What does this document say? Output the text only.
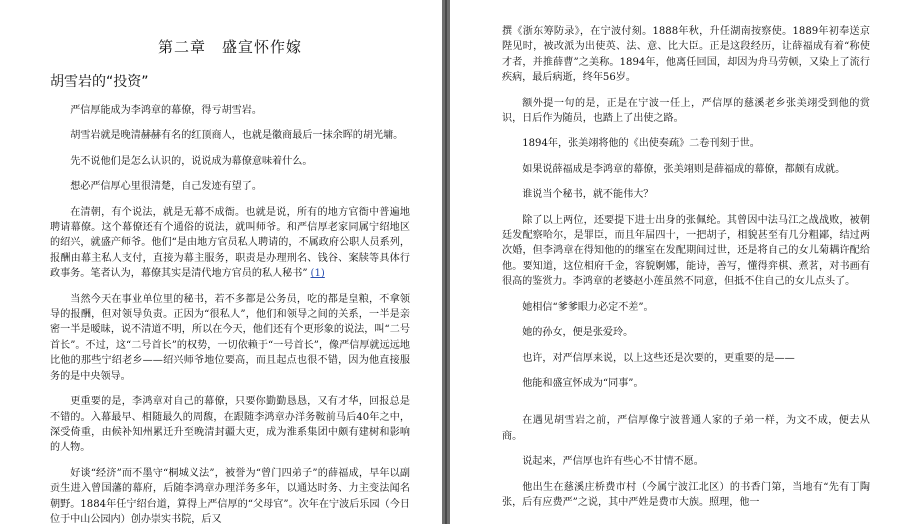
第二章　盛宣怀作嫁
胡雪岩的“投资”

严信厚能成为李鸿章的幕僚，得亏胡雪岩。

胡雪岩就是晚清赫赫有名的红顶商人，也就是徽商最后一抹余晖的胡光墉。

先不说他们是怎么认识的，说说成为幕僚意味着什么。

想必严信厚心里很清楚，自己发迹有望了。

在清朝，有个说法，就是无幕不成衙。也就是说，所有的地方官衙中普遍地聘请幕僚。这个幕僚还有个通俗的说法，就叫师爷。和严信厚老家同属宁绍地区的绍兴，就盛产师爷。他们“是由地方官员私人聘请的，不属政府公职人员系列，报酬由幕主私人支付，直接为幕主服务，职责是办理刑名、钱谷、案牍等具体行政事务。笔者认为，幕僚其实是清代地方官员的私人秘书” (1)

当然今天在事业单位里的秘书，若不多都是公务员，吃的都是皇粮，不拿领导的报酬，但对领导负责。正因为“很私人”，他们和领导之间的关系，一半是亲密一半是暧昧，说不清道不明，所以在今天，他们还有个更形象的说法，叫“二号首长”。不过，这“二号首长”的权势，一切依赖于“一号首长”，像严信厚就远远地比他的那些宁绍老乡——绍兴师爷地位要高，而且起点也很不错，因为他直接服务的是中央领导。

更重要的是，李鸿章对自己的幕僚，只要你勤勤恳恳，又有才华，回报总是不错的。入幕最早、相随最久的周馥，在跟随李鸿章办洋务鞍前马后40年之中，深受倚重，由候补知州累迁升至晚清封疆大吏，成为淮系集团中颇有建树和影响的人物。

好谈“经济”而不墨守“桐城义法”，被誉为“曾门四弟子”的薛福成，早年以副贡生进入曾国藩的幕府，后随李鸿章办理洋务多年，以通达时务、力主变法闻名朝野。1884年任宁绍台道，算得上严信厚的“父母官”。次年在宁波后乐园（今日位于中山公园内）创办崇实书院，后又

撰《浙东筹防录》，在宁波付刻。1888年秋，升任湖南按察使。1889年初奉送京陛见时，被改派为出使英、法、意、比大臣。正是这段经历，让薛福成有着“称使才者，并推薛曹”之美称。1894年，他离任回国，却因为舟马劳顿，又染上了流行疾病，最后病逝，终年56岁。

额外提一句的是，正是在宁波一任上，严信厚的慈溪老乡张美翊受到他的赏识，日后作为随员，也踏上了出使之路。

1894年，张美翊将他的《出使奏疏》二卷刊刻于世。

如果说薛福成是李鸿章的幕僚，张美翊则是薛福成的幕僚，都颇有成就。

谁说当个秘书，就不能伟大？

除了以上两位，还要提下进士出身的张佩纶。其曾因中法马江之战战败，被朝廷发配察哈尔，是罪臣，而且年届四十，一把胡子，相貌甚至有几分粗鄙，结过两次婚，但李鸿章在得知他的的继室在发配期间过世，还是将自己的女儿菊耦许配给他。要知道，这位相府千金，容貌婀娜，能诗，善写，懂得弈棋、煮茗，对书画有很高的鉴赏力。李鸿章的老婆赵小莲虽然不同意，但抵不住自己的女儿点头了。

她相信“爹爹眼力必定不差”。

她的孙女，便是张爱玲。

也许，对严信厚来说，以上这些还是次要的，更重要的是——

他能和盛宣怀成为“同事”。

在遇见胡雪岩之前，严信厚像宁波普通人家的子弟一样，为文不成，便去从商。

说起来，严信厚也许有些心不甘情不愿。

他出生在慈溪庄桥费市村（今属宁波江北区）的书香门第，当地有“先有丁陶张，后有应费严”之说，其中严姓是费市大族。照理，他一
